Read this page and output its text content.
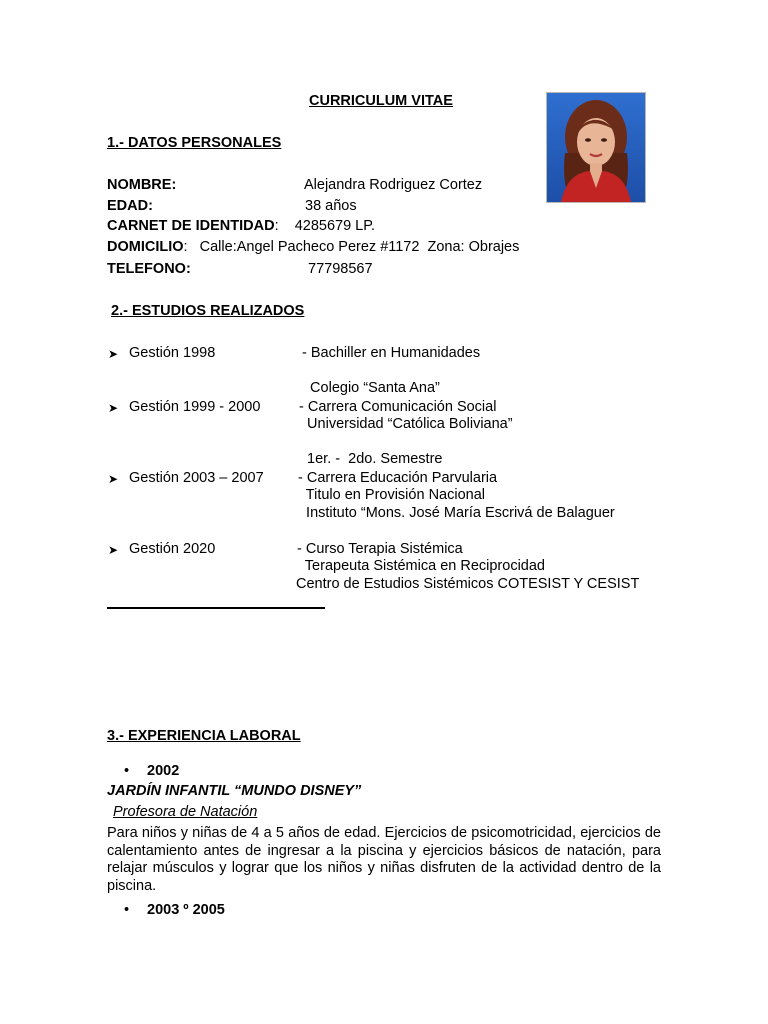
CURRICULUM VITAE
1.- DATOS PERSONALES
NOMBRE:	Alejandra Rodriguez Cortez
EDAD:	38 años
CARNET DE IDENTIDAD:    4285679 LP.
DOMICILIO:   Calle:Angel Pacheco Perez #1172  Zona: Obrajes
TELEFONO:	77798567
2.- ESTUDIOS REALIZADOS
➤ Gestión 1998	- Bachiller en Humanidades
Colegio “Santa Ana”
➤ Gestión 1999 - 2000	- Carrera Comunicación Social
Universidad “Católica Boliviana”
1er. -  2do. Semestre
➤ Gestión 2003 – 2007 - Carrera Educación Parvularia
Titulo en Provisión Nacional
Instituto “Mons. José María Escrivá de Balaguer
➤ Gestión 2020	- Curso Terapia Sistémica
Terapeuta Sistémica en Reciprocidad
Centro de Estudios Sistémicos COTESIST Y CESIST
3.- EXPERIENCIA LABORAL
• 2002
JARDÍN INFANTIL “MUNDO DISNEY”
Profesora de Natación
Para niños y niñas de 4 a 5 años de edad. Ejercicios de psicomotricidad, ejercicios de calentamiento antes de ingresar a la piscina y ejercicios básicos de natación, para relajar músculos y lograr que los niños y niñas disfruten de la actividad dentro de la piscina.
• 2003 º 2005
